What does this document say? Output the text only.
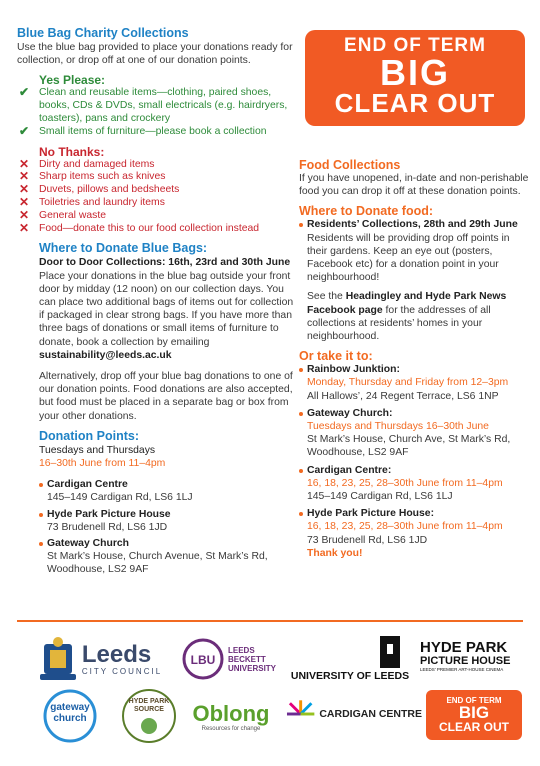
Blue Bag Charity Collections

Use the blue bag provided to place your donations ready for collection, or drop off at one of our donation points.

Yes Please:
✔ Clean and reusable items—clothing, paired shoes, books, CDs & DVDs, small electricals (e.g. hairdryers, toasters), pans and crockery
✔ Small items of furniture—please book a collection
No Thanks:
✕ Dirty and damaged items
✕ Sharp items such as knives
✕ Duvets, pillows and bedsheets
✕ Toiletries and laundry items
✕ General waste
✕ Food—donate this to our food collection instead
Where to Donate Blue Bags:

Door to Door Collections: 16th, 23rd and 30th June

Place your donations in the blue bag outside your front door by midday (12 noon) on our collection days. You can place two additional bags of items out for collection if packaged in clear strong bags. If you have more than three bags of donations or small items of furniture to donate, book a collection by emailing sustainability@leeds.ac.uk

Alternatively, drop off your blue bag donations to one of our donation points. Food donations are also accepted, but food must be placed in a separate bag or box from your other donations.

Donation Points:

Tuesdays and Thursdays

16–30th June from 11–4pm

Cardigan Centre

145–149 Cardigan Rd, LS6 1LJ

Hyde Park Picture House

73 Brudenell Rd, LS6 1JD

Gateway Church

St Mark’s House, Church Avenue, St Mark’s Rd, Woodhouse, LS2 9AF

END OF TERM
BIG
CLEAR OUT
Food Collections

If you have unopened, in-date and non-perishable food you can drop it off at these donation points.

Where to Donate food:

Residents’ Collections, 28th and 29th June

Residents will be providing drop off points in their gardens. Keep an eye out (posters, Facebook etc) for a donation point in your neighbourhood!

See the Headingley and Hyde Park News Facebook page for the addresses of all collections at residents’ homes in your neighbourhood.

Or take it to:

Rainbow Junktion:

Monday, Thursday and Friday from 12–3pm

All Hallows’, 24 Regent Terrace, LS6 1NP

Gateway Church:

Tuesdays and Thursdays 16–30th June

St Mark’s House, Church Ave, St Mark’s Rd, Woodhouse, LS2 9AF

Cardigan Centre:

16, 18, 23, 25, 28–30th June from 11–4pm

145–149 Cardigan Rd, LS6 1LJ

Hyde Park Picture House:

16, 18, 23, 25, 28–30th June from 11–4pm

73 Brudenell Rd, LS6 1JD

Thank you!

Leeds
CITY COUNCIL
LBU
LEEDS BECKETT UNIVERSITY
UNIVERSITY OF LEEDS
HYDE PARK
PICTURE HOUSE
LEEDS' PREMIER ART-HOUSE CINEMA
gateway church
HYDE PARK SOURCE	Oblong
Resources for change
CARDIGAN CENTRE
END OF TERM
BIG
CLEAR OUT
